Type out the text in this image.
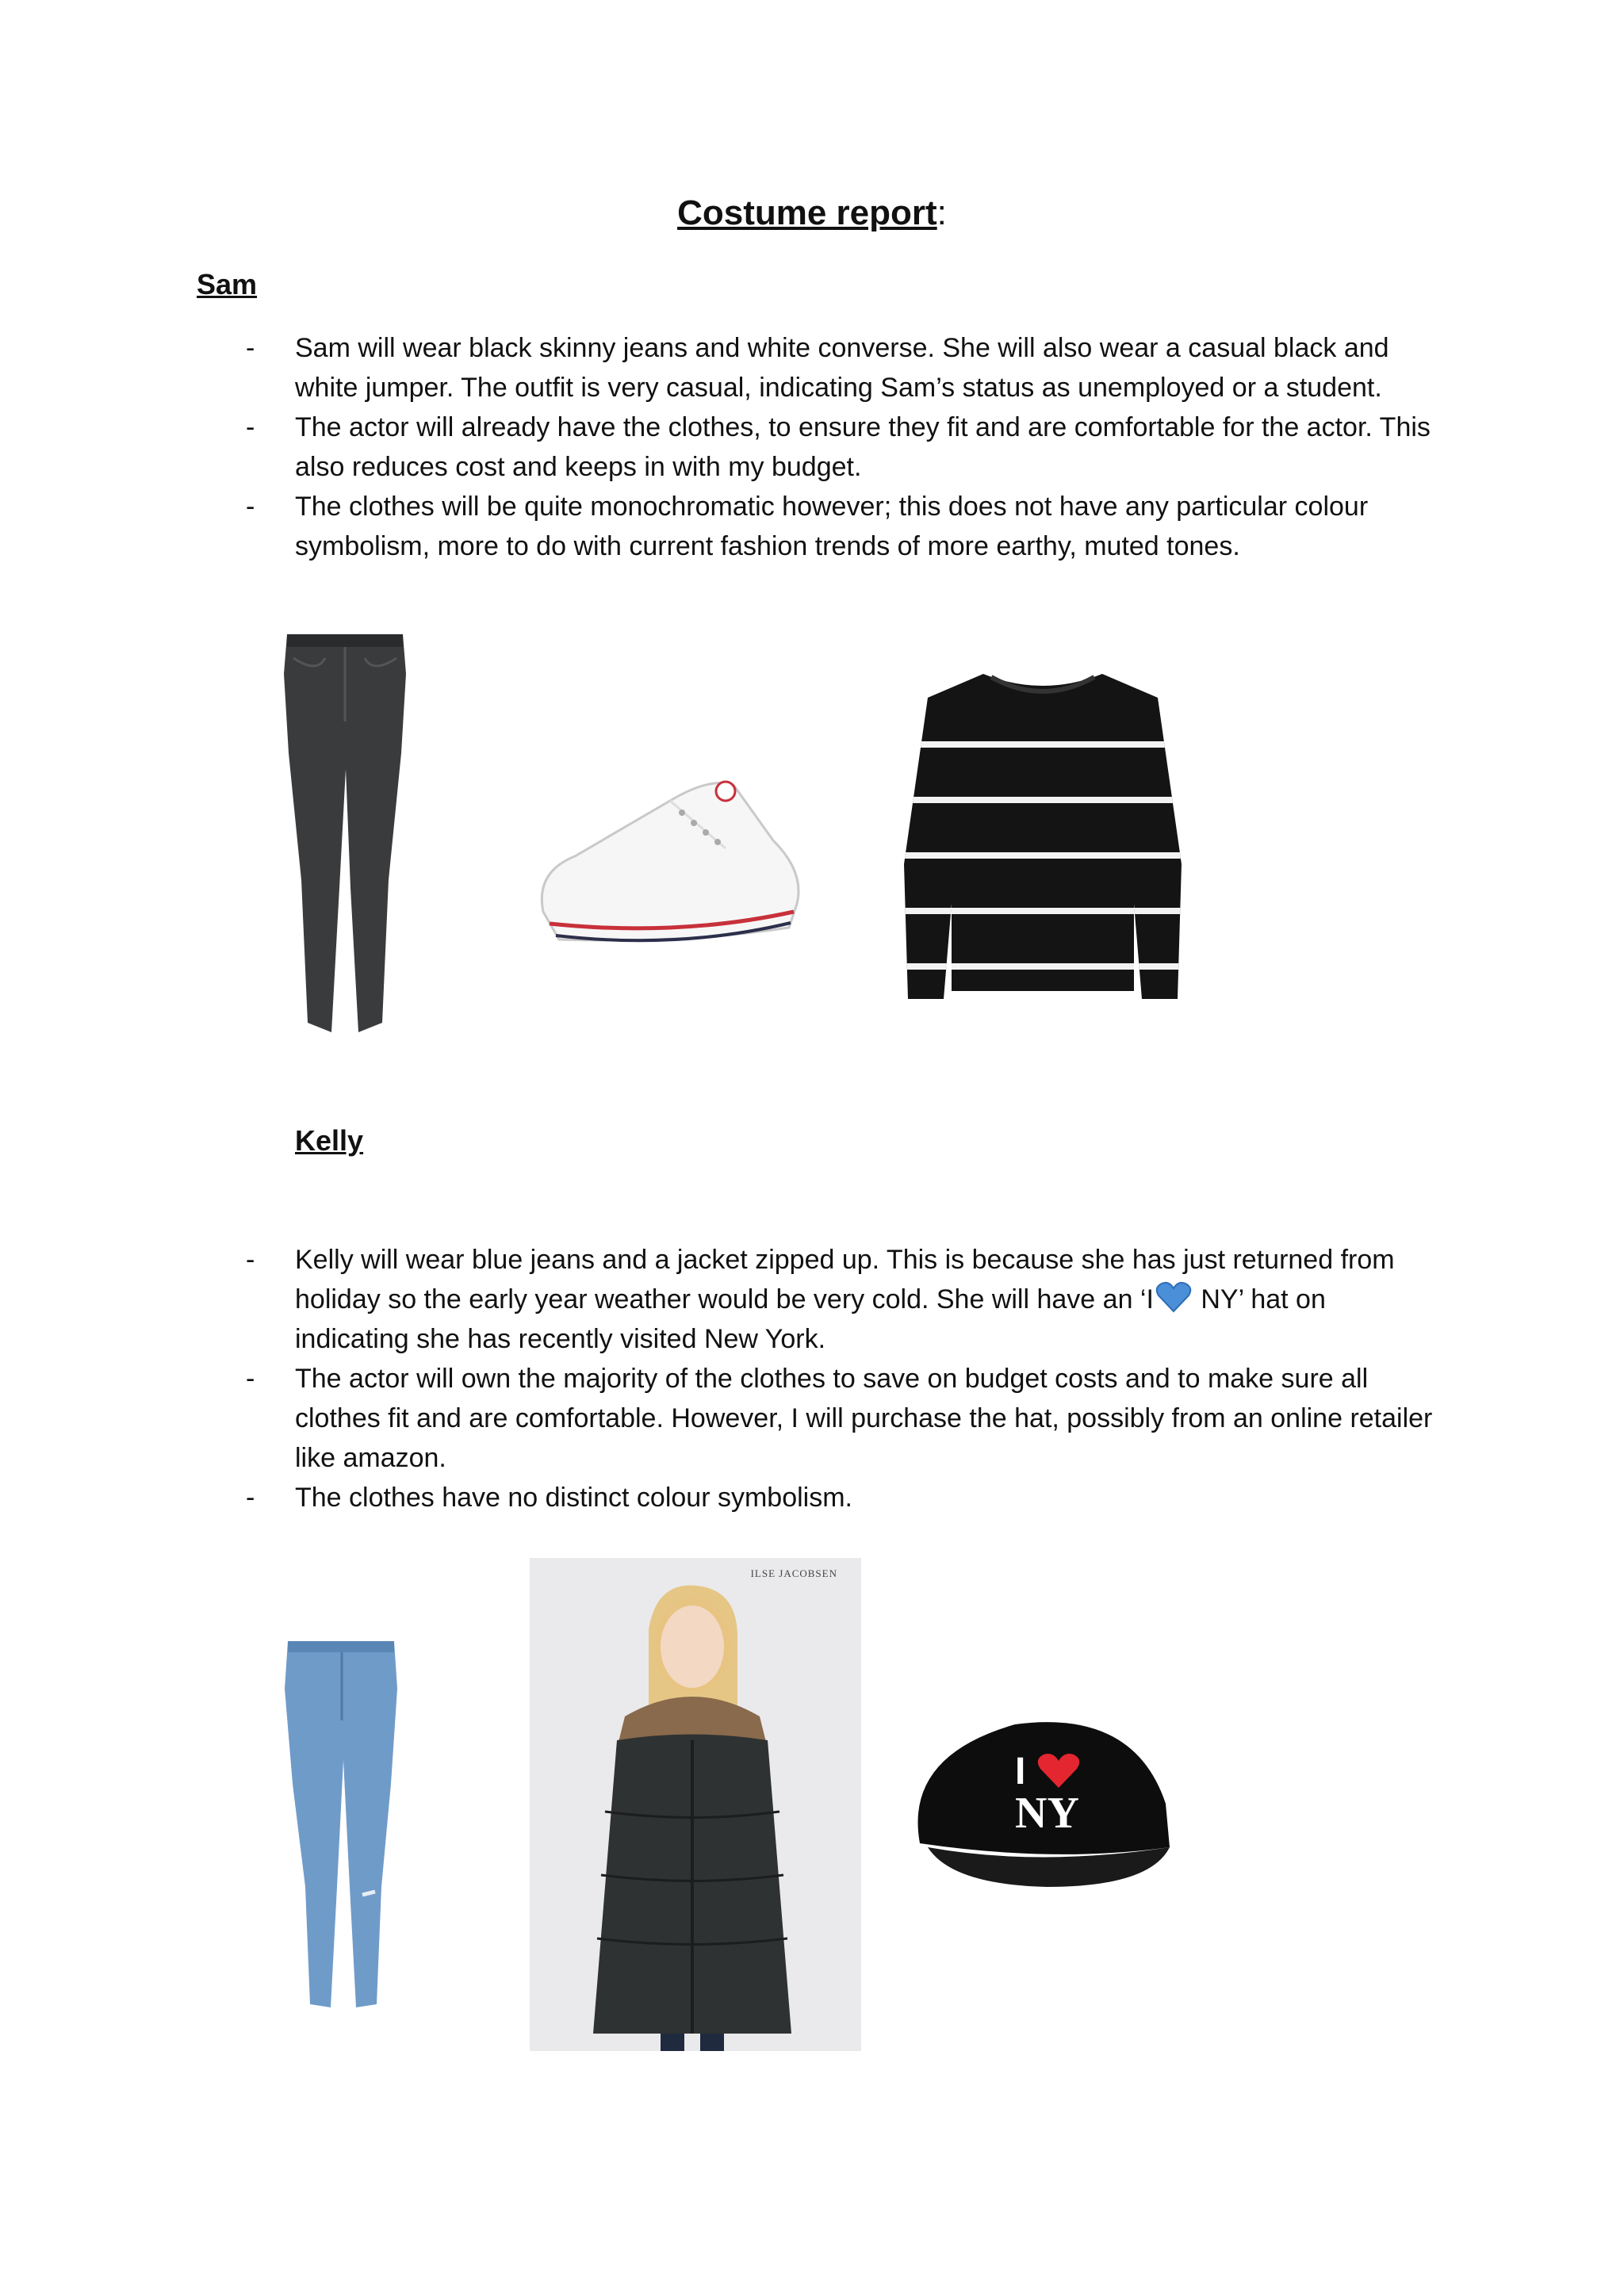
Costume report:
Sam
- Sam will wear black skinny jeans and white converse. She will also wear a casual black and white jumper. The outfit is very casual, indicating Sam’s status as unemployed or a student.
- The actor will already have the clothes, to ensure they fit and are comfortable for the actor. This also reduces cost and keeps in with my budget.
- The clothes will be quite monochromatic however; this does not have any particular colour symbolism, more to do with current fashion trends of more earthy, muted tones.
Kelly
- Kelly will wear blue jeans and a jacket zipped up. This is because she has just returned from holiday so the early year weather would be very cold. She will have an ‘I
NY’ hat on indicating she has recently visited New York.
- The actor will own the majority of the clothes to save on budget costs and to make sure all clothes fit and are comfortable. However, I will purchase the hat, possibly from an online retailer like amazon.
- The clothes have no distinct colour symbolism.
ILSE JACOBSEN
I
NY
